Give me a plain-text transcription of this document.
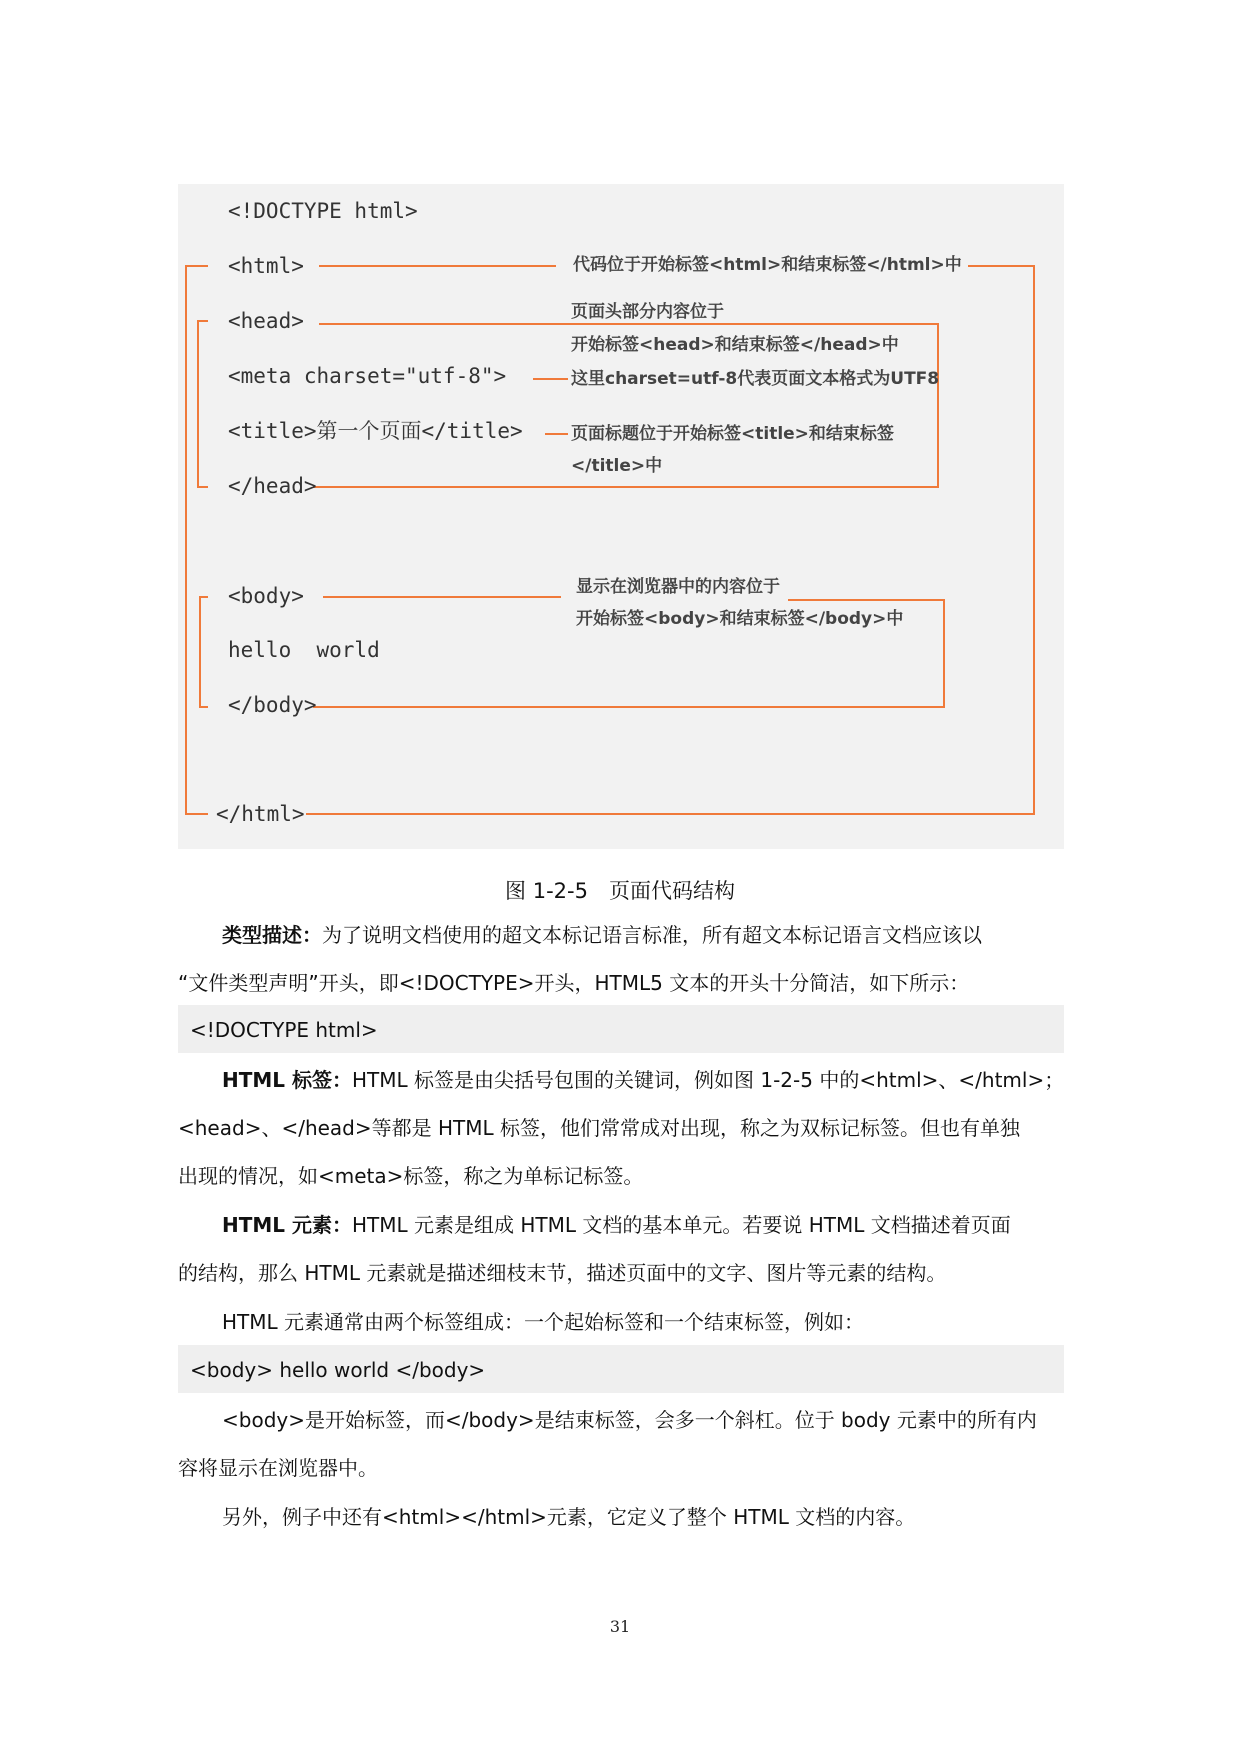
<!DOCTYPE html>
<html>
<head>
<meta charset="utf-8">
<title>第一个页面</title>
</head>
<body>
hello  world
</body>
</html>
代码位于开始标签<html>和结束标签</html>中
页面头部分内容位于
开始标签<head>和结束标签</head>中
这里charset=utf-8代表页面文本格式为UTF8
页面标题位于开始标签<title>和结束标签
</title>中
显示在浏览器中的内容位于
开始标签<body>和结束标签</body>中
图 1-2-5　页面代码结构
类型描述：为了说明文档使用的超文本标记语言标准，所有超文本标记语言文档应该以
“文件类型声明”开头，即<!DOCTYPE>开头，HTML5 文本的开头十分简洁，如下所示：
<!DOCTYPE html>
HTML 标签：HTML 标签是由尖括号包围的关键词，例如图 1-2-5 中的<html>、</html>；
<head>、</head>等都是 HTML 标签，他们常常成对出现，称之为双标记标签。但也有单独
出现的情况，如<meta>标签，称之为单标记标签。
HTML 元素：HTML 元素是组成 HTML 文档的基本单元。若要说 HTML 文档描述着页面
的结构，那么 HTML 元素就是描述细枝末节，描述页面中的文字、图片等元素的结构。
HTML 元素通常由两个标签组成：一个起始标签和一个结束标签，例如：
<body> hello world </body>
<body>是开始标签，而</body>是结束标签，会多一个斜杠。位于 body 元素中的所有内
容将显示在浏览器中。
另外，例子中还有<html></html>元素，它定义了整个 HTML 文档的内容。
31
